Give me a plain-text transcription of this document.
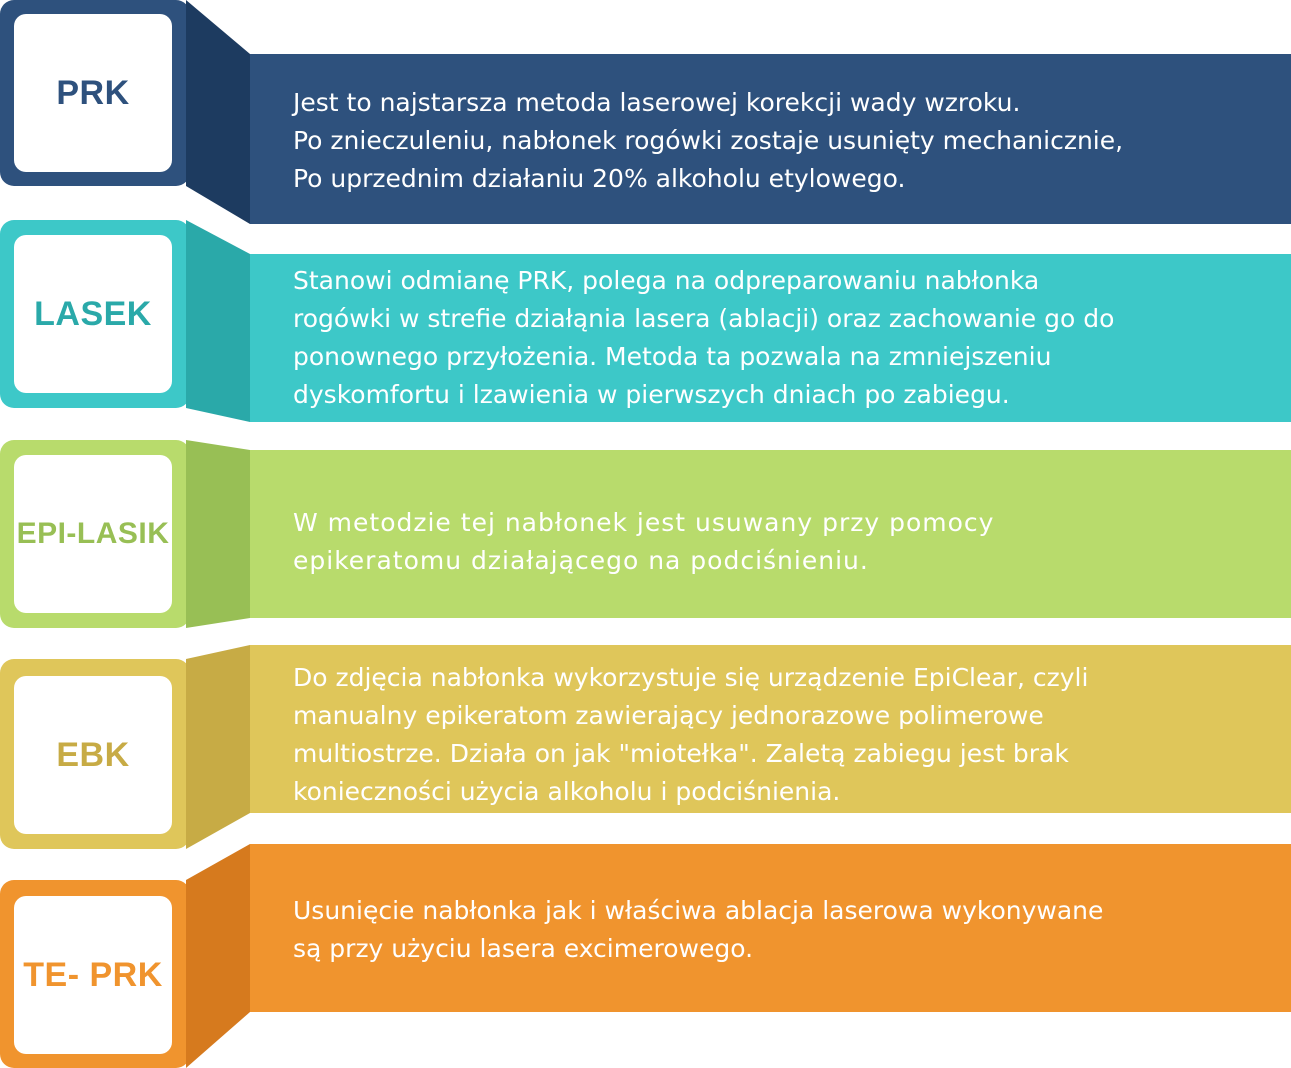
PRK	Jest to najstarsza metoda laserowej korekcji wady wzroku.
Po znieczuleniu, nabłonek rogówki zostaje usunięty mechanicznie,
Po uprzednim działaniu 20% alkoholu etylowego.
LASEK
Stanowi odmianę PRK, polega na odpreparowaniu nabłonka
rogówki w strefie działąnia lasera (ablacji) oraz zachowanie go do
ponownego przyłożenia. Metoda ta pozwala na zmniejszeniu
dyskomfortu i lzawienia w pierwszych dniach po zabiegu.
EPI-LASIK	W metodzie tej nabłonek jest usuwany przy pomocy
epikeratomu działającego na podciśnieniu.
EBK
Do zdjęcia nabłonka wykorzystuje się urządzenie EpiClear, czyli
manualny epikeratom zawierający jednorazowe polimerowe
multiostrze. Działa on jak "miotełka". Zaletą zabiegu jest brak
konieczności użycia alkoholu i podciśnienia.
TE- PRK
Usunięcie nabłonka jak i właściwa ablacja laserowa wykonywane
są przy użyciu lasera excimerowego.
